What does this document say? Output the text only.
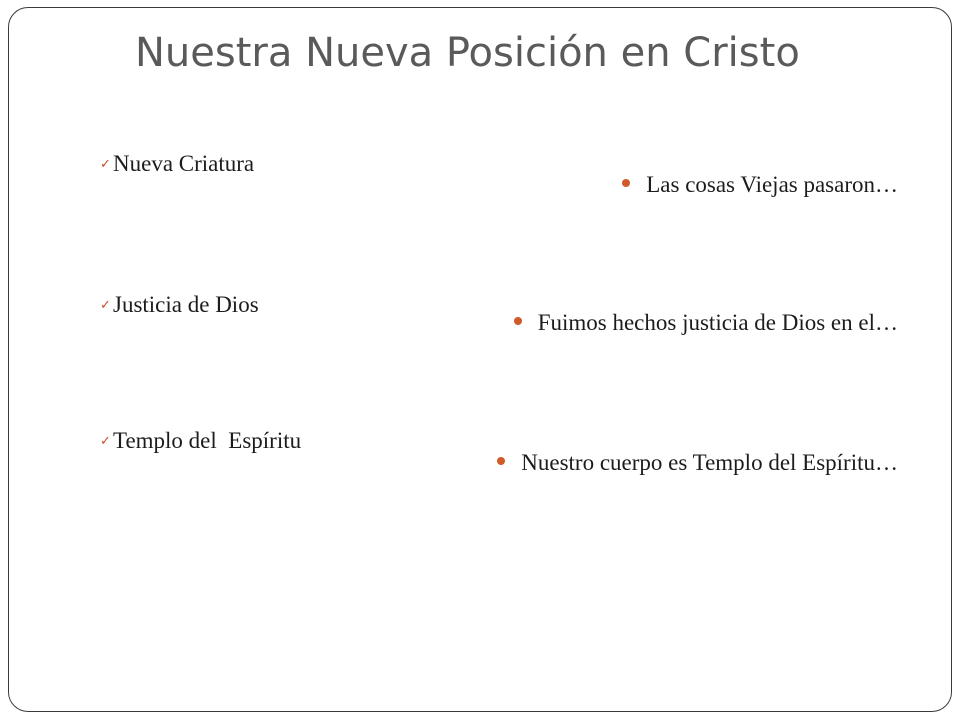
Nuestra Nueva Posición en Cristo
✓Nueva Criatura
✓Justicia de Dios
✓Templo del  Espíritu
Las cosas Viejas pasaron…
Fuimos hechos justicia de Dios en el…
Nuestro cuerpo es Templo del Espíritu…
